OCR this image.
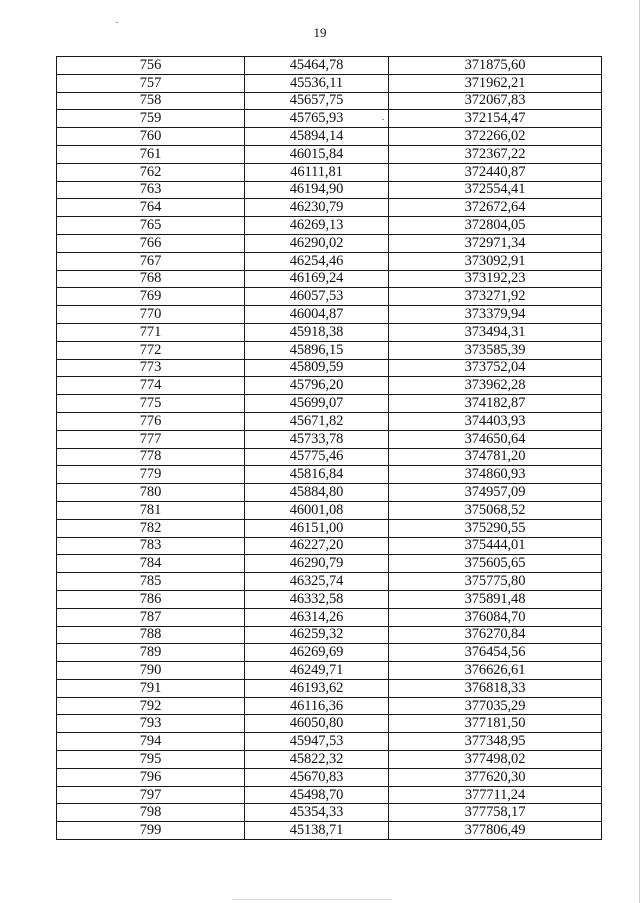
19
756	45464,78	371875,60
757	45536,11	371962,21
758	45657,75	372067,83
759	45765,93	372154,47
760	45894,14	372266,02
761	46015,84	372367,22
762	46111,81	372440,87
763	46194,90	372554,41
764	46230,79	372672,64
765	46269,13	372804,05
766	46290,02	372971,34
767	46254,46	373092,91
768	46169,24	373192,23
769	46057,53	373271,92
770	46004,87	373379,94
771	45918,38	373494,31
772	45896,15	373585,39
773	45809,59	373752,04
774	45796,20	373962,28
775	45699,07	374182,87
776	45671,82	374403,93
777	45733,78	374650,64
778	45775,46	374781,20
779	45816,84	374860,93
780	45884,80	374957,09
781	46001,08	375068,52
782	46151,00	375290,55
783	46227,20	375444,01
784	46290,79	375605,65
785	46325,74	375775,80
786	46332,58	375891,48
787	46314,26	376084,70
788	46259,32	376270,84
789	46269,69	376454,56
790	46249,71	376626,61
791	46193,62	376818,33
792	46116,36	377035,29
793	46050,80	377181,50
794	45947,53	377348,95
795	45822,32	377498,02
796	45670,83	377620,30
797	45498,70	377711,24
798	45354,33	377758,17
799	45138,71	377806,49
